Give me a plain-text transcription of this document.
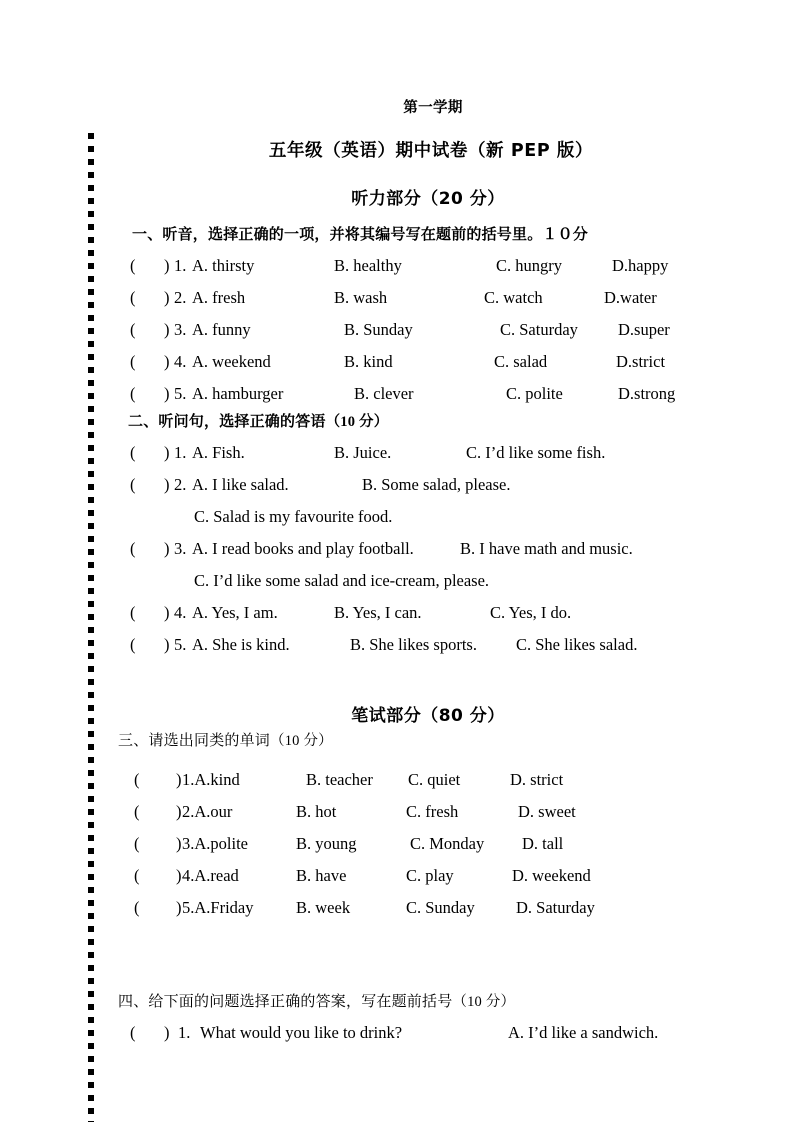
第一学期
五年级（英语）期中试卷（新 PEP 版）
听力部分（20 分）
一、听音，选择正确的一项，并将其编号写在题前的括号里。１０分
( ) 1. A. thirsty	B. healthy	C. hungry	D.happy
( ) 2. A. fresh	B. wash	C. watch	D.water
( ) 3. A. funny	B. Sunday	C. Saturday D.super
( ) 4. A. weekend	B. kind	C. salad	D.strict
( ) 5. A. hamburger	B. clever	C. polite	D.strong
二、听问句，选择正确的答语（10 分）
( ) 1. A. Fish.	B. Juice.	C. I’d like some fish.
( ) 2. A. I like salad.	B. Some salad, please.
C. Salad is my favourite food.
( ) 3. A. I read books and play football.	B. I have math and music.
C. I’d like some salad and ice-cream, please.
( ) 4. A. Yes, I am.	B. Yes, I can.	C. Yes, I do.
( ) 5. A. She is kind.	B. She likes sports. C. She likes salad.
笔试部分（80 分）
三、请选出同类的单词（10 分）
( ) 1.A.kind	B. teacher C. quiet	D. strict
( ) 2.A.our	B. hot	C. fresh	D. sweet
( ) 3.A.polite	B. young	C. Monday D. tall
( ) 4.A.read	B. have	C. play	D. weekend
( ) 5.A.Friday	B. week	C. Sunday D. Saturday
四、给下面的问题选择正确的答案，写在题前括号（10 分）
( ) 1. What would you like to drink?	A. I’d like a sandwich.
